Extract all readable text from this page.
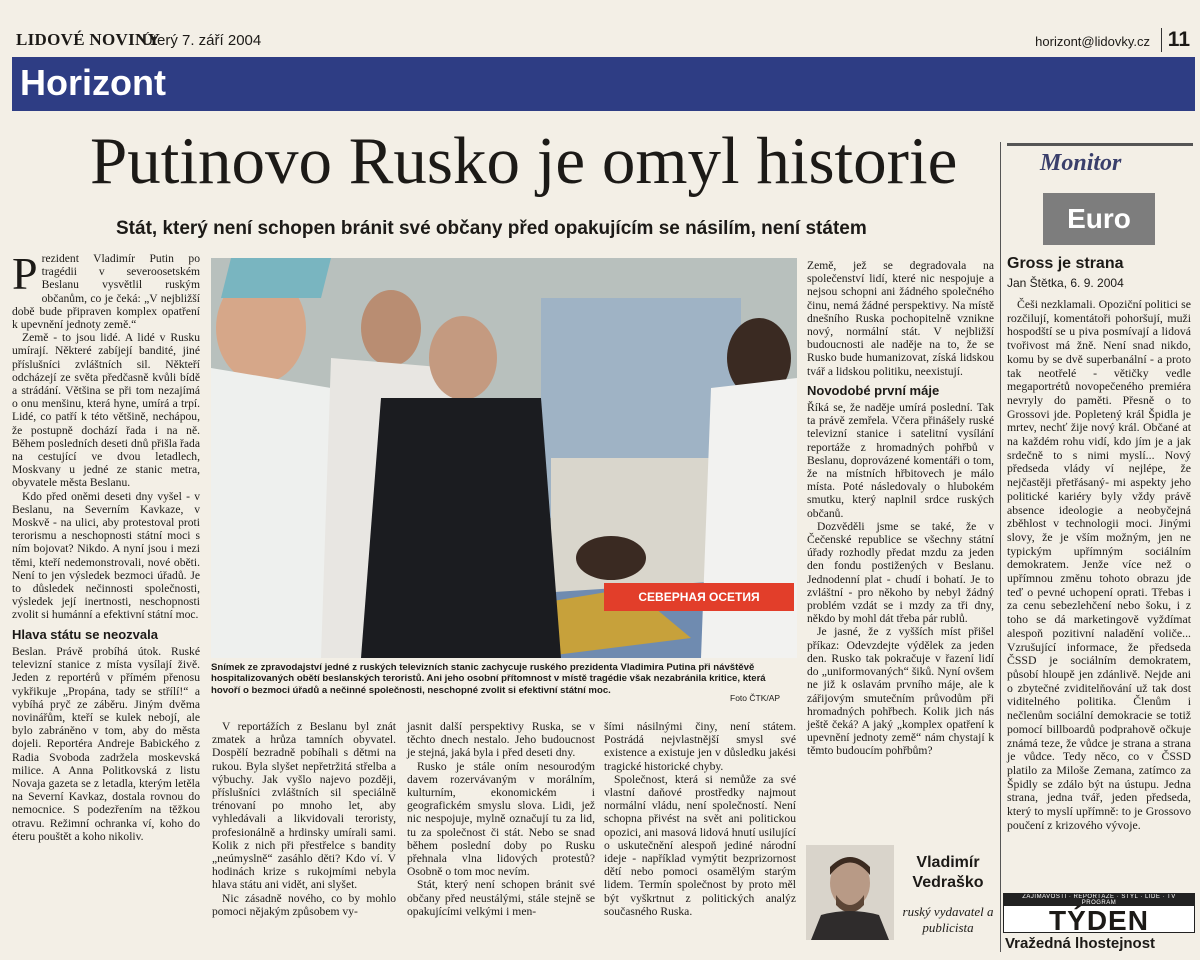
LIDOVÉ NOVINY
Úterý 7. září 2004	horizont@lidovky.cz 11
Horizont
Putinovo Rusko je omyl historie
Stát, který není schopen bránit své občany před opakujícím se násilím, není státem

Prezident Vladimír Putin po tragédii v severoosetském Beslanu vysvětlil ruským občanům, co je čeká: „V nejbližší době bude připraven komplex opatření k upevnění jednoty země.“

Země - to jsou lidé. A lidé v Rusku umírají. Některé zabíjejí bandité, jiné příslušníci zvláštních sil. Někteří odcházejí ze světa předčasně kvůli bídě a strádání. Většina se při tom nezajímá o onu menšinu, která hyne, umírá a trpí. Lidé, co patří k této většině, nechápou, že postupně dochází řada i na ně. Během posledních deseti dnů přišla řada na cestující ve dvou letadlech, Moskvany u jedné ze stanic metra, obyvatele města Beslanu.

Kdo před oněmi deseti dny vyšel - v Beslanu, na Severním Kavkaze, v Moskvě - na ulici, aby protestoval proti terorismu a neschopnosti státní moci s ním bojovat? Nikdo. A nyní jsou i mezi těmi, kteří nedemonstrovali, nové oběti. Není to jen výsledek bezmoci úřadů. Je to důsledek nečinnosti společnosti, výsledek její inertnosti, neschopnosti zvolit si humánní a efektivní státní moc.

Hlava státu se neozvala

Beslan. Právě probíhá útok. Ruské televizní stanice z místa vysílají živě. Jeden z reportérů v přímém přenosu vykřikuje „Propána, tady se střílí!“ a vybíhá pryč ze záběru. Jiným dvěma novinářům, kteří se kulek nebojí, ale bylo zabráněno v tom, aby do města dojeli. Reportéra Andreje Babického z Radia Svoboda zadržela moskevská milice. A Anna Politkovská z listu Novaja gazeta se z letadla, kterým letěla na Severní Kavkaz, dostala rovnou do nemocnice. S podezřením na těžkou otravu. Režimní ochranka ví, koho do éteru pouštět a koho nikoliv.

СЕВЕРНАЯ ОСЕТИЯ
Snímek ze zpravodajství jedné z ruských televizních stanic zachycuje ruského prezidenta Vladimira Putina při návštěvě hospitalizovaných obětí beslanských teroristů. Ani jeho osobní přítomnost v místě tragédie však nezabránila kritice, která hovoří o bezmoci úřadů a nečinné společnosti, neschopné zvolit si efektivní státní moc.
Foto ČTK/AP

V reportážích z Beslanu byl znát zmatek a hrůza tamních obyvatel. Dospělí bezradně pobíhali s dětmi na rukou. Byla slyšet nepřetržitá střelba a výbuchy. Jak vyšlo najevo později, příslušníci zvláštních sil speciálně trénovaní po mnoho let, aby vyhledávali a likvidovali teroristy, profesionálně a hrdinsky umírali sami. Kolik z nich při přestřelce s bandity „neúmyslně“ zasáhlo děti? Kdo ví. V hodinách krize s rukojmími nebyla hlava státu ani vidět, ani slyšet.

Nic zásadně nového, co by mohlo pomoci nějakým způsobem vy-

jasnit další perspektivy Ruska, se v těchto dnech nestalo. Jeho budoucnost je stejná, jaká byla i před deseti dny.

Rusko je stále oním nesourodým davem rozervávaným v morálním, kulturním, ekonomickém i geografickém smyslu slova. Lidi, jež nic nespojuje, mylně označují tu za lid, tu za společnost či stát. Nebo se snad během poslední doby po Rusku přehnala vlna lidových protestů? Osobně o tom moc nevím.

Stát, který není schopen bránit své občany před neustálými, stále stejně se opakujícími velkými i men-

šími násilnými činy, není státem. Postrádá nejvlastnější smysl své existence a existuje jen v důsledku jakési tragické historické chyby.

Společnost, která si nemůže za své vlastní daňové prostředky najmout normální vládu, není společností. Není schopna přivést na svět ani politickou opozici, ani masová lidová hnutí usilující o uskutečnění alespoň jediné národní ideje - například vymýtit bezprizornost dětí nebo pomoci osamělým starým lidem. Termín společnost by proto měl být vyškrtnut z politických analýz současného Ruska.

Země, jež se degradovala na společenství lidí, které nic nespojuje a nejsou schopni ani žádného společného činu, nemá žádné perspektivy. Na místě dnešního Ruska pochopitelně vznikne nový, normální stát. V nejbližší budoucnosti ale naděje na to, že se Rusko bude humanizovat, získá lidskou tvář a lidskou politiku, neexistují.

Novodobé první máje

Říká se, že naděje umírá poslední. Tak ta právě zemřela. Včera přinášely ruské televizní stanice i satelitní vysílání reportáže z hromadných pohřbů v Beslanu, doprovázené komentáři o tom, že na místních hřbitovech je málo místa. Poté následovaly o hlubokém smutku, který naplnil srdce ruských občanů.

Dozvěděli jsme se také, že v Čečenské republice se všechny státní úřady rozhodly předat mzdu za jeden den fondu postižených v Beslanu. Jednodenní plat - chudí i bohatí. Je to zvláštní - pro někoho by nebyl žádný problém vzdát se i mzdy za tři dny, někdo by mohl dát třeba pár rublů.

Je jasné, že z vyšších míst přišel příkaz: Odevzdejte výdělek za jeden den. Rusko tak pokračuje v řazení lidí do „uniformovaných“ šiků. Nyní ovšem ne již k oslavám prvního máje, ale k zářijovým smutečním průvodům při hromadných pohřbech. Kolik jich nás ještě čeká? A jaký „komplex opatření k upevnění jednoty země“ nám chystají k těmto budoucím pohřbům?

Vladimír
Vedraško
ruský vydavatel a publicista
Monitor
Euro
Gross je strana
Jan Štětka, 6. 9. 2004

Češi nezklamali. Opoziční politici se rozčilují, komentátoři pohoršují, muži hospodští se u piva posmívají a lidová tvořivost má žně. Není snad nikdo, komu by se dvě superbanální - a proto tak neotřelé - větičky vedle megaportrétů novopečeného premiéra nevryly do paměti. Přesně o to Grossovi jde. Popletený král Špidla je mrtev, nechť žije nový král. Občané at na každém rohu vidí, kdo jím je a jak srdečně to s nimi myslí... Nový předseda vlády ví nejlépe, že nejčastěji přetřásaný- mi aspekty jeho politické kariéry byly vždy právě absence ideologie a neobyčejná zběhlost v technologii moci. Jinými slovy, že je vším možným, jen ne typickým upřímným sociálním demokratem. Jenže více než o upřímnou změnu tohoto obrazu jde teď o pevné uchopení oprati. Třebas i za cenu sebezlehčení nebo šoku, i z toho se dá marketingově vyždímat alespoň pozitivní naladění voliče... Vzrušující informace, že předseda ČSSD je sociálním demokratem, působí hloupě jen zdánlivě. Nejde ani o zbytečné zviditelňování už tak dost viditelného politika. Členům i nečlenům sociální demokracie se totiž pomocí billboardů podprahově očkuje známá teze, že vůdce je strana a strana je vůdce. Tedy něco, co v ČSSD platilo za Miloše Zemana, zatímco za Špidly se zdálo být na ústupu. Jedna strana, jedna tvář, jeden předseda, který to myslí upřímně: to je Grossovo poučení z krizového vývoje.

ZAJÍMAVOSTI · REPORTÁŽE · STYL · LIDÉ · TV PROGRAM
TÝDEN
Vražedná lhostejnost
